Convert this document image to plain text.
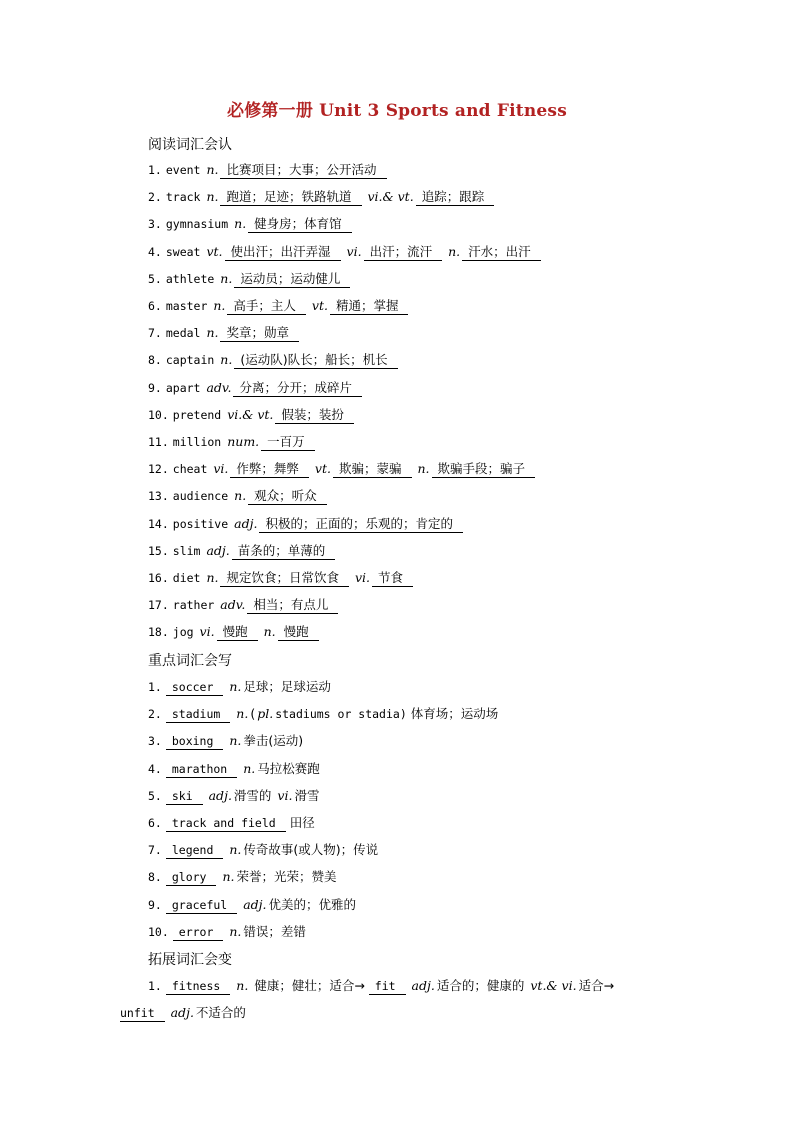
必修第一册 Unit 3 Sports and Fitness
阅读词汇会认
1. event n. 比赛项目；大事；公开活动
2. track n. 跑道；足迹；铁路轨道 vi.& vt. 追踪；跟踪
3. gymnasium n. 健身房；体育馆
4. sweat vt. 使出汗；出汗弄湿 vi. 出汗；流汗 n. 汗水；出汗
5. athlete n. 运动员；运动健儿
6. master n. 高手；主人 vt. 精通；掌握
7. medal n. 奖章；勋章
8. captain n. (运动队)队长；船长；机长
9. apart adv. 分离；分开；成碎片
10. pretend vi.& vt. 假装；装扮
11. million num. 一百万
12. cheat vi. 作弊；舞弊 vt. 欺骗；蒙骗 n. 欺骗手段；骗子
13. audience n. 观众；听众
14. positive adj. 积极的；正面的；乐观的；肯定的
15. slim adj. 苗条的；单薄的
16. diet n. 规定饮食；日常饮食 vi. 节食
17. rather adv. 相当；有点儿
18. jog vi. 慢跑 n. 慢跑
重点词汇会写
1. soccer n. 足球；足球运动
2. stadium n. ( pl. stadiums or stadia) 体育场；运动场
3. boxing n. 拳击(运动)
4. marathon n. 马拉松赛跑
5. ski adj. 滑雪的 vi. 滑雪
6. track and field 田径
7. legend n. 传奇故事(或人物)；传说
8. glory n. 荣誉；光荣；赞美
9. graceful adj. 优美的；优雅的
10. error n. 错误；差错
拓展词汇会变
1. fitness n. 健康；健壮；适合→ fit adj. 适合的；健康的 vt.& vi. 适合→
unfit adj. 不适合的
